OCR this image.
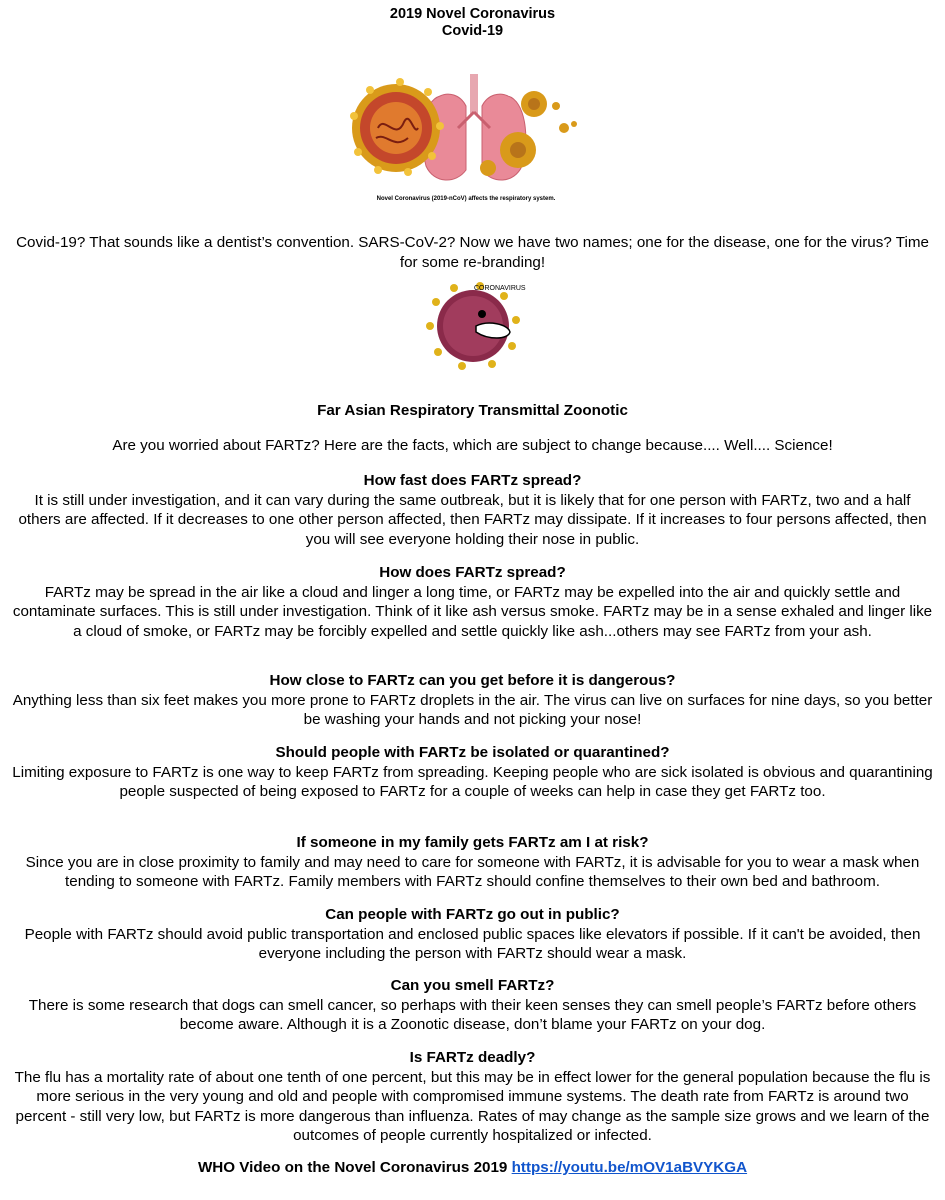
2019 Novel Coronavirus
Covid-19
Novel Coronavirus (2019-nCoV) affects the respiratory system.
Covid-19? That sounds like a dentist’s convention. SARS-CoV-2? Now we have two names; one for the disease, one for the virus? Time for some re-branding!
CORONAVIRUS
Far Asian Respiratory Transmittal Zoonotic
Are you worried about FARTz? Here are the facts, which are subject to change because.... Well.... Science!
How fast does FARTz spread?
It is still under investigation, and it can vary during the same outbreak, but it is likely that for one person with FARTz, two and a half others are affected. If it decreases to one other person affected, then FARTz may dissipate. If it increases to four persons affected, then you will see everyone holding their nose in public.
How does FARTz spread?
FARTz may be spread in the air like a cloud and linger a long time, or FARTz may be expelled into the air and quickly settle and contaminate surfaces. This is still under investigation. Think of it like ash versus smoke. FARTz may be in a sense exhaled and linger like a cloud of smoke, or FARTz may be forcibly expelled and settle quickly like ash...others may see FARTz from your ash.
How close to FARTz can you get before it is dangerous?
Anything less than six feet makes you more prone to FARTz droplets in the air. The virus can live on surfaces for nine days, so you better be washing your hands and not picking your nose!
Should people with FARTz be isolated or quarantined?
Limiting exposure to FARTz is one way to keep FARTz from spreading. Keeping people who are sick isolated is obvious and quarantining people suspected of being exposed to FARTz for a couple of weeks can help in case they get FARTz too.
If someone in my family gets FARTz am I at risk?
Since you are in close proximity to family and may need to care for someone with FARTz, it is advisable for you to wear a mask when tending to someone with FARTz. Family members with FARTz should confine themselves to their own bed and bathroom.
Can people with FARTz go out in public?
People with FARTz should avoid public transportation and enclosed public spaces like elevators if possible. If it can't be avoided, then everyone including the person with FARTz should wear a mask.
Can you smell FARTz?
There is some research that dogs can smell cancer, so perhaps with their keen senses they can smell people’s FARTz before others become aware. Although it is a Zoonotic disease, don’t blame your FARTz on your dog.
Is FARTz deadly?
The flu has a mortality rate of about one tenth of one percent, but this may be in effect lower for the general population because the flu is more serious in the very young and old and people with compromised immune systems. The death rate from FARTz is around two percent - still very low, but FARTz is more dangerous than influenza. Rates of may change as the sample size grows and we learn of the outcomes of people currently hospitalized or infected.
WHO Video on the Novel Coronavirus 2019 https://youtu.be/mOV1aBVYKGA
